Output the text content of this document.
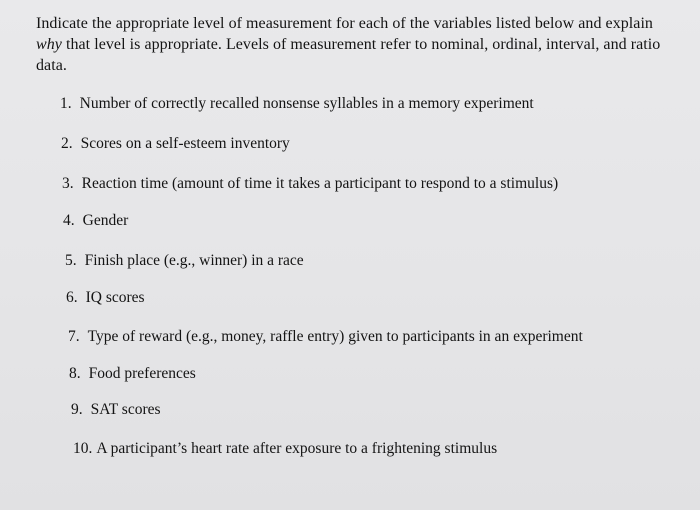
Indicate the appropriate level of measurement for each of the variables listed below and explain why that level is appropriate. Levels of measurement refer to nominal, ordinal, interval, and ratio data.

1. Number of correctly recalled nonsense syllables in a memory experiment
2. Scores on a self-esteem inventory
3. Reaction time (amount of time it takes a participant to respond to a stimulus)
4. Gender
5. Finish place (e.g., winner) in a race
6. IQ scores
7. Type of reward (e.g., money, raffle entry) given to participants in an experiment
8. Food preferences
9. SAT scores
10. A participant’s heart rate after exposure to a frightening stimulus
